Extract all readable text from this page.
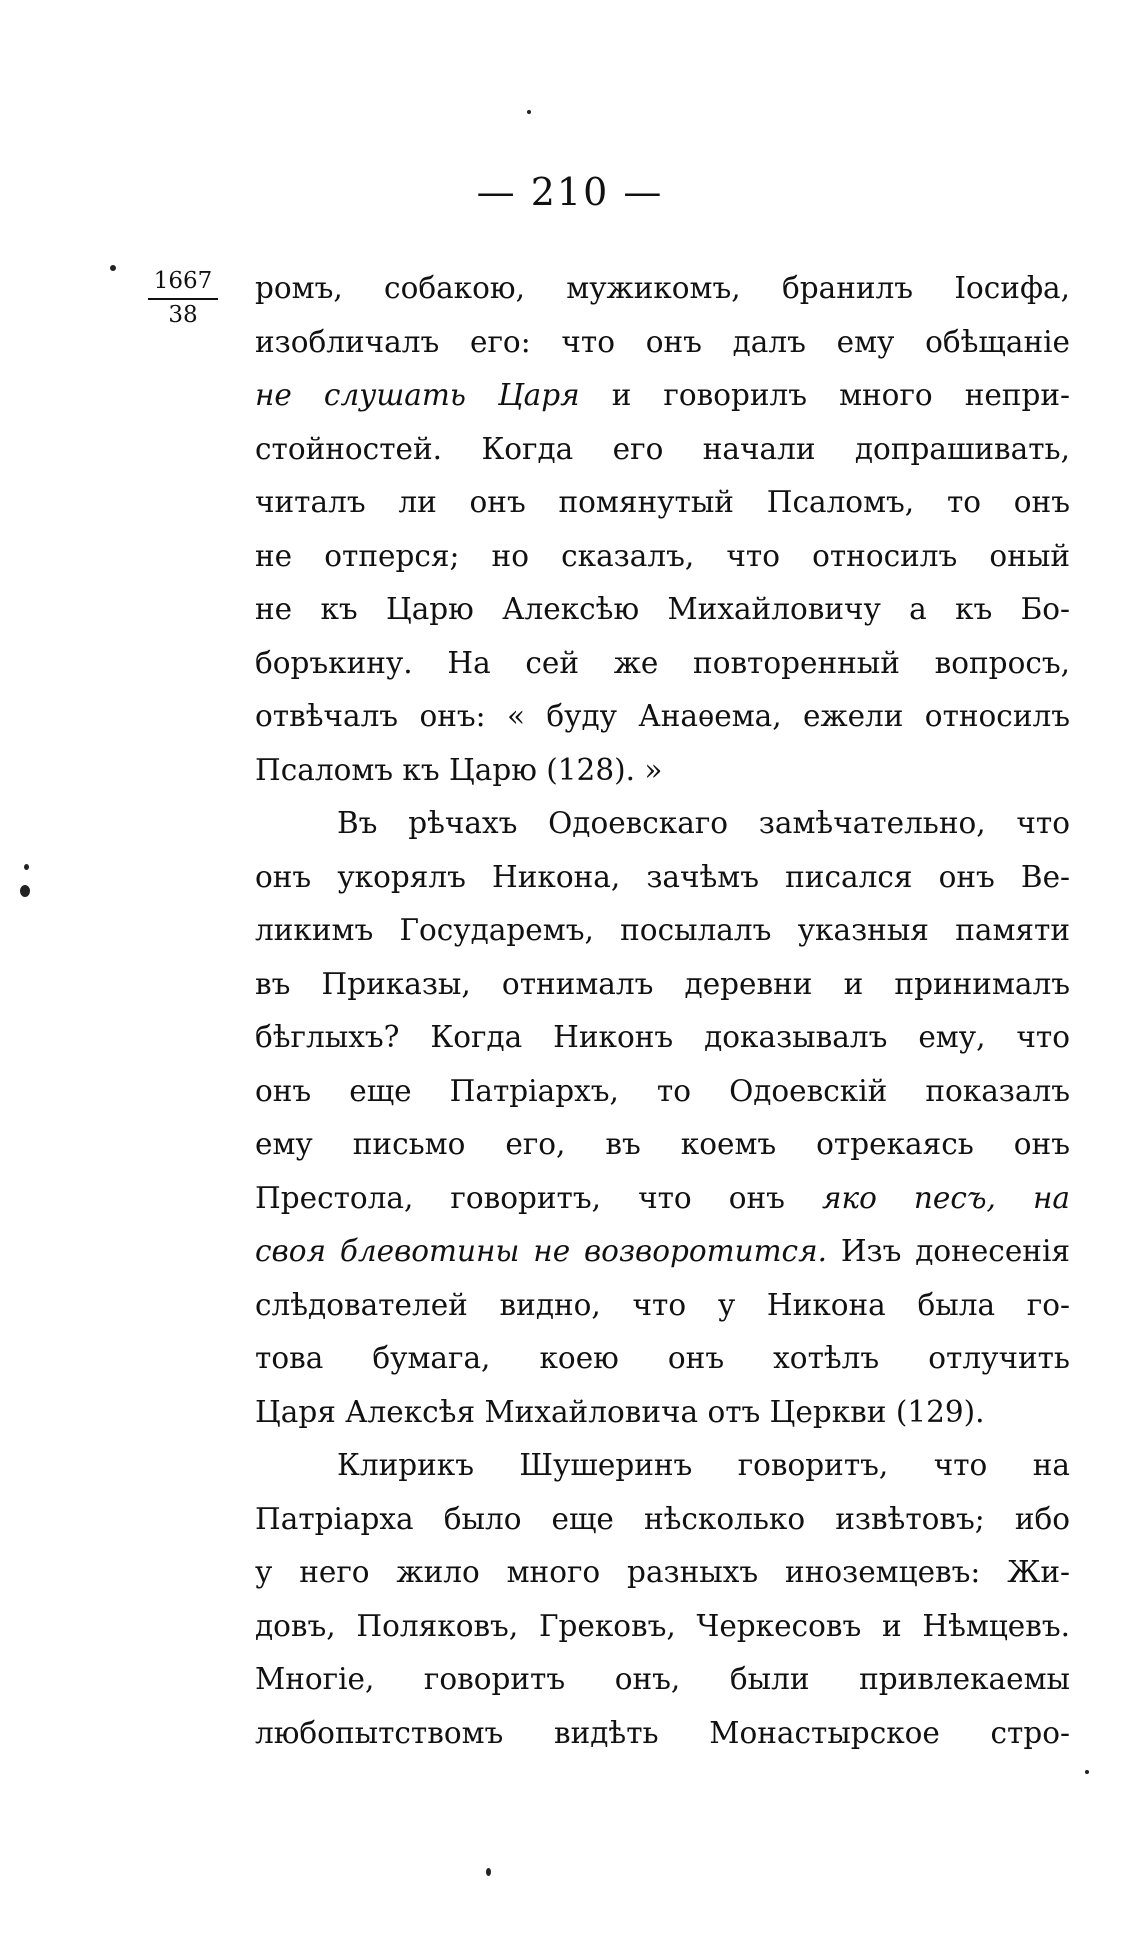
— 210 —
1667
38
ромъ, собакою, мужикомъ, бранилъ Іосифа,
изобличалъ его: что онъ далъ ему обѣщаніе
не слушать Царя и говорилъ много непри-
стойностей. Когда его начали допрашивать,
читалъ ли онъ помянутый Псаломъ, то онъ
не отперся; но сказалъ, что относилъ оный
не къ Царю Алексѣю Михайловичу а къ Бо-
боръкину. На сей же повторенный вопросъ,
отвѣчалъ онъ: « буду Анаѳема, ежели относилъ
Псаломъ къ Царю (128). »
Въ рѣчахъ Одоевскаго замѣчательно, что
онъ укорялъ Никона, зачѣмъ писался онъ Ве-
ликимъ Государемъ, посылалъ указныя памяти
въ Приказы, отнималъ деревни и принималъ
бѣглыхъ? Когда Никонъ доказывалъ ему, что
онъ еще Патріархъ, то Одоевскій показалъ
ему письмо его, въ коемъ отрекаясь онъ
Престола, говоритъ, что онъ яко песъ, на
своя блевотины не возворотится. Изъ донесенія
слѣдователей видно, что у Никона была го-
това бумага, коею онъ хотѣлъ отлучить
Царя Алексѣя Михайловича отъ Церкви (129).
Клирикъ Шушеринъ говоритъ, что на
Патріарха было еще нѣсколько извѣтовъ; ибо
у него жило много разныхъ иноземцевъ: Жи-
довъ, Поляковъ, Грековъ, Черкесовъ и Нѣмцевъ.
Многіе, говоритъ онъ, были привлекаемы
любопытствомъ видѣть Монастырское стро-
